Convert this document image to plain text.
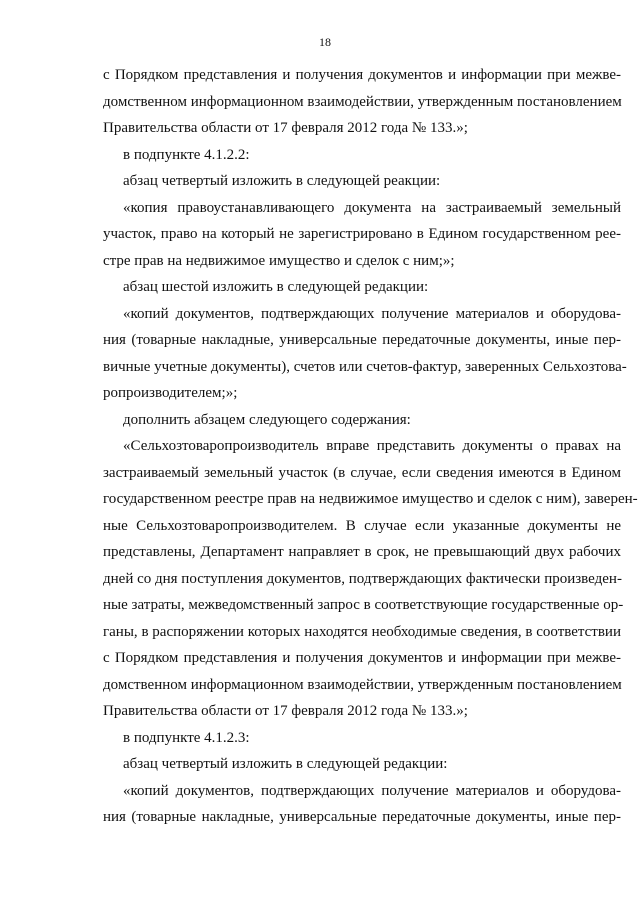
18
с Порядком представления и получения документов и информации при межве-
домственном информационном взаимодействии, утвержденным постановлением
Правительства области от 17 февраля 2012 года № 133.»;
в подпункте 4.1.2.2:
абзац четвертый изложить в следующей реакции:
«копия правоустанавливающего документа на застраиваемый земельный
участок, право на который не зарегистрировано в Едином государственном рее-
стре прав на недвижимое имущество и сделок с ним;»;
абзац шестой изложить в следующей редакции:
«копий документов, подтверждающих получение материалов и оборудова-
ния (товарные накладные, универсальные передаточные документы, иные пер-
вичные учетные документы), счетов или счетов-фактур, заверенных Сельхозтова-
ропроизводителем;»;
дополнить абзацем следующего содержания:
«Сельхозтоваропроизводитель вправе представить документы о правах на
застраиваемый земельный участок (в случае, если сведения имеются в Едином
государственном реестре прав на недвижимое имущество и сделок с ним), заверен-
ные Сельхозтоваропроизводителем. В случае если указанные документы не
представлены, Департамент направляет в срок, не превышающий двух рабочих
дней со дня поступления документов, подтверждающих фактически произведен-
ные затраты, межведомственный запрос в соответствующие государственные ор-
ганы, в распоряжении которых находятся необходимые сведения, в соответствии
с Порядком представления и получения документов и информации при межве-
домственном информационном взаимодействии, утвержденным постановлением
Правительства области от 17 февраля 2012 года № 133.»;
в подпункте 4.1.2.3:
абзац четвертый изложить в следующей редакции:
«копий документов, подтверждающих получение материалов и оборудова-
ния (товарные накладные, универсальные передаточные документы, иные пер-
